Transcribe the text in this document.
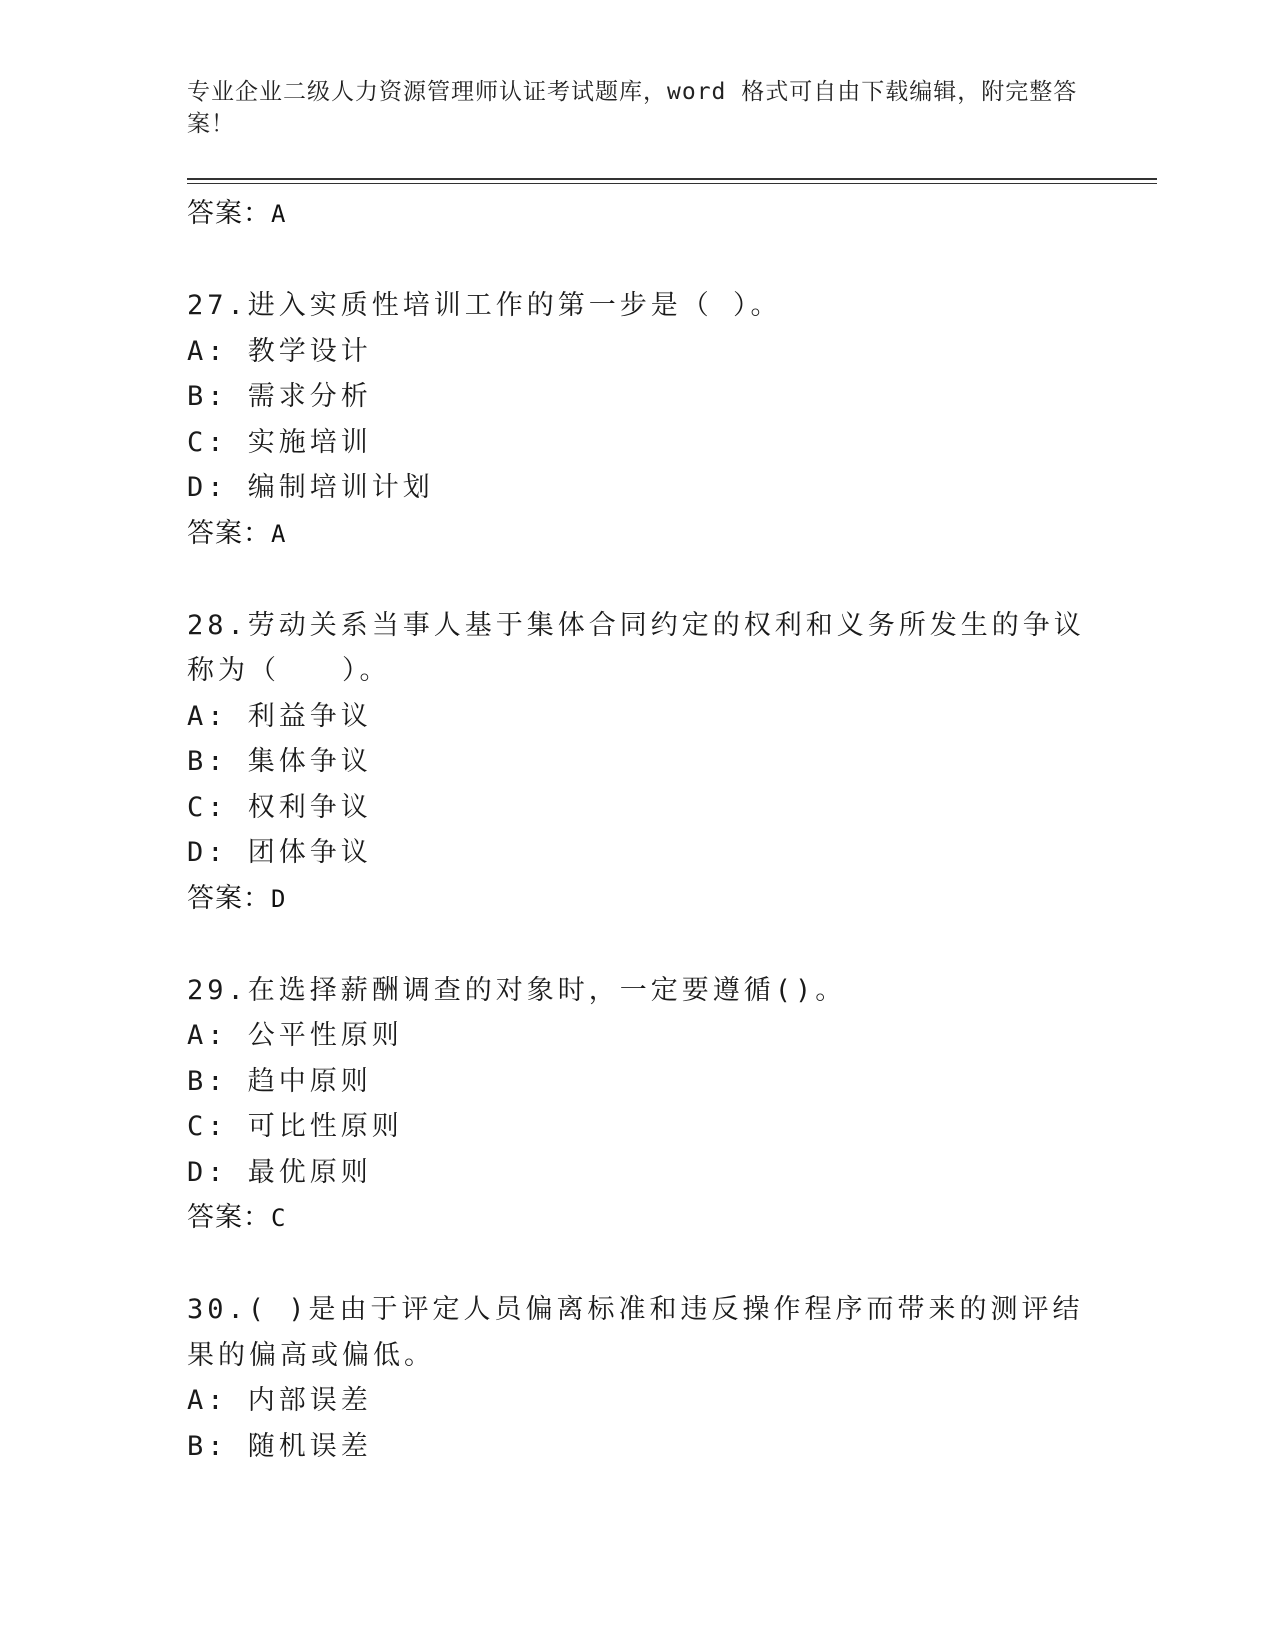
专业企业二级人力资源管理师认证考试题库，word 格式可自由下载编辑，附完整答案！
答案：A
27.进入实质性培训工作的第一步是（ ）。
A: 教学设计
B: 需求分析
C: 实施培训
D: 编制培训计划
答案：A
28.劳动关系当事人基于集体合同约定的权利和义务所发生的争议称为（　　）。
A: 利益争议
B: 集体争议
C: 权利争议
D: 团体争议
答案：D
29.在选择薪酬调查的对象时，一定要遵循()。
A: 公平性原则
B: 趋中原则
C: 可比性原则
D: 最优原则
答案：C
30.( )是由于评定人员偏离标准和违反操作程序而带来的测评结果的偏高或偏低。
A: 内部误差
B: 随机误差
